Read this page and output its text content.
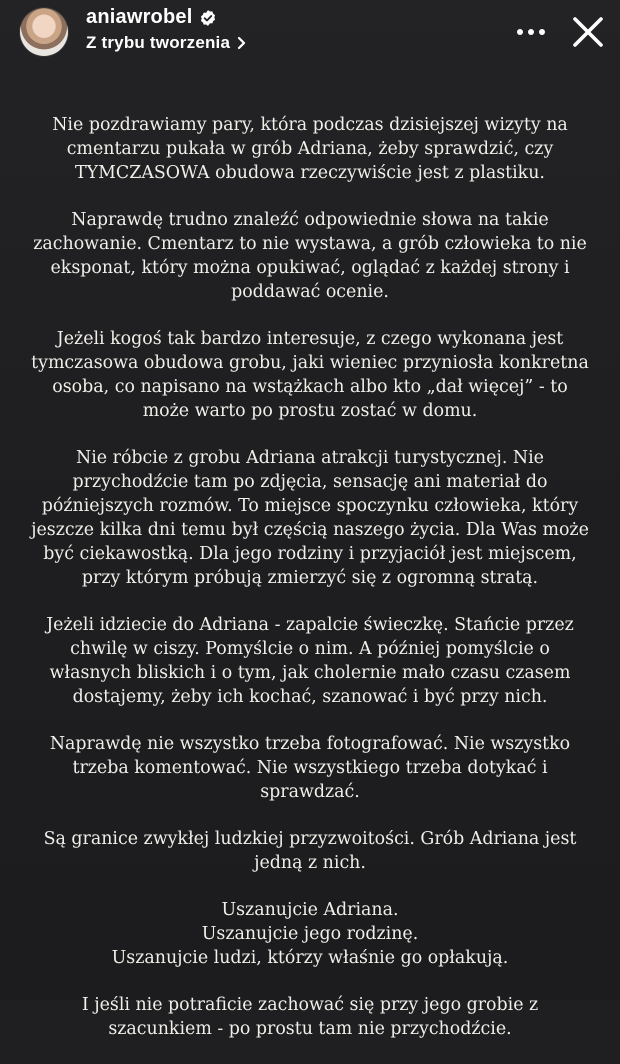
aniawrobel
Z trybu tworzenia

Nie pozdrawiamy pary, która podczas dzisiejszej wizyty na cmentarzu pukała w grób Adriana, żeby sprawdzić, czy TYMCZASOWA obudowa rzeczywiście jest z plastiku.

Naprawdę trudno znaleźć odpowiednie słowa na takie zachowanie. Cmentarz to nie wystawa, a grób człowieka to nie eksponat, który można opukiwać, oglądać z każdej strony i poddawać ocenie.

Jeżeli kogoś tak bardzo interesuje, z czego wykonana jest tymczasowa obudowa grobu, jaki wieniec przyniosła konkretna osoba, co napisano na wstążkach albo kto „dał więcej” - to może warto po prostu zostać w domu.

Nie róbcie z grobu Adriana atrakcji turystycznej. Nie przychodźcie tam po zdjęcia, sensację ani materiał do późniejszych rozmów. To miejsce spoczynku człowieka, który jeszcze kilka dni temu był częścią naszego życia. Dla Was może być ciekawostką. Dla jego rodziny i przyjaciół jest miejscem, przy którym próbują zmierzyć się z ogromną stratą.

Jeżeli idziecie do Adriana - zapalcie świeczkę. Stańcie przez chwilę w ciszy. Pomyślcie o nim. A później pomyślcie o własnych bliskich i o tym, jak cholernie mało czasu czasem dostajemy, żeby ich kochać, szanować i być przy nich.

Naprawdę nie wszystko trzeba fotografować. Nie wszystko trzeba komentować. Nie wszystkiego trzeba dotykać i sprawdzać.

Są granice zwykłej ludzkiej przyzwoitości. Grób Adriana jest jedną z nich.

Uszanujcie Adriana.
Uszanujcie jego rodzinę.
Uszanujcie ludzi, którzy właśnie go opłakują.

I jeśli nie potraficie zachować się przy jego grobie z szacunkiem - po prostu tam nie przychodźcie.
